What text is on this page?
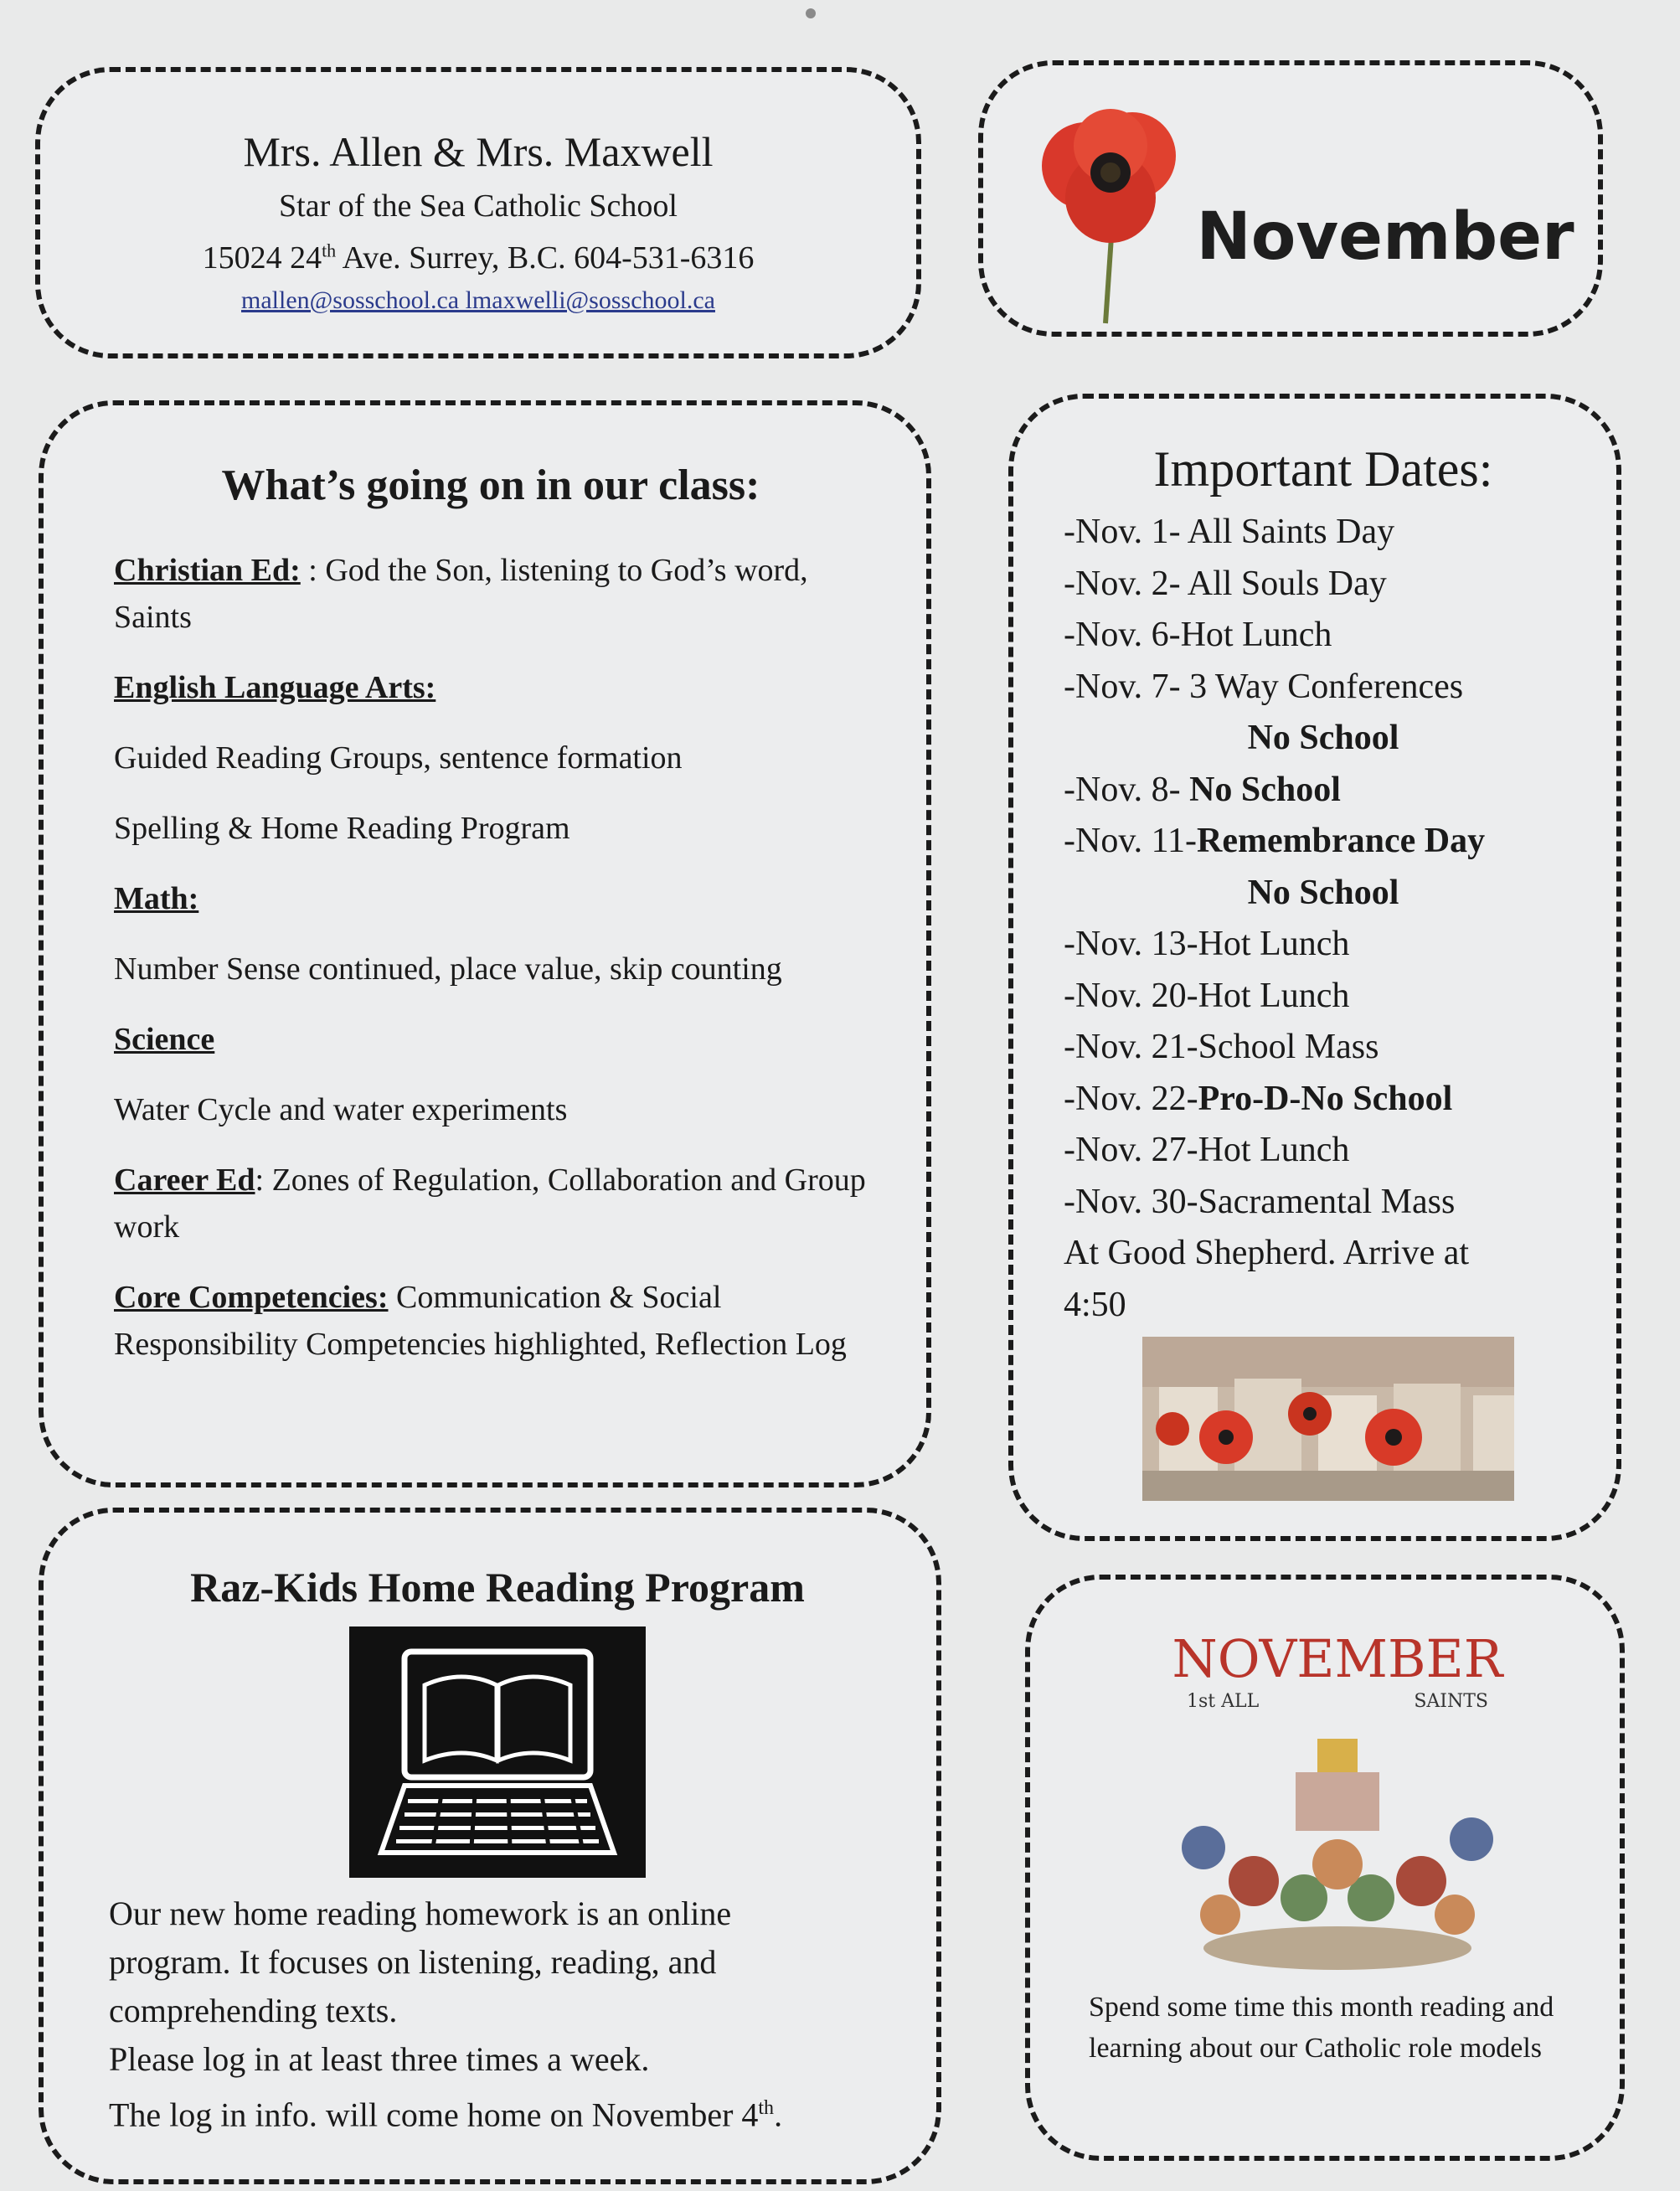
Mrs. Allen & Mrs. Maxwell
Star of the Sea Catholic School
15024 24th Ave. Surrey, B.C. 604-531-6316
mallen@sosschool.ca lmaxwelli@sosschool.ca
November
What’s going on in our class:

Christian Ed: : God the Son, listening to God’s word, Saints

English Language Arts:

Guided Reading Groups, sentence formation

Spelling & Home Reading Program

Math:

Number Sense continued, place value, skip counting

Science

Water Cycle and water experiments

Career Ed: Zones of Regulation, Collaboration and Group work

Core Competencies: Communication & Social Responsibility Competencies highlighted, Reflection Log

Important Dates:
-Nov. 1- All Saints Day
-Nov. 2- All Souls Day
-Nov. 6-Hot Lunch
-Nov. 7- 3 Way Conferences
No School
-Nov. 8- No School
-Nov. 11-Remembrance Day
No School
-Nov. 13-Hot Lunch
-Nov. 20-Hot Lunch
-Nov. 21-School Mass
-Nov. 22-Pro-D-No School
-Nov. 27-Hot Lunch
-Nov. 30-Sacramental Mass
At Good Shepherd. Arrive at
4:50
Raz-Kids Home Reading Program
Our new home reading homework is an online
program. It focuses on listening, reading, and
comprehending texts.
Please log in at least three times a week.
The log in info. will come home on November 4th.
NOVEMBER
1st ALL	SAINTS
Spend some time this month reading and learning about our Catholic role models
